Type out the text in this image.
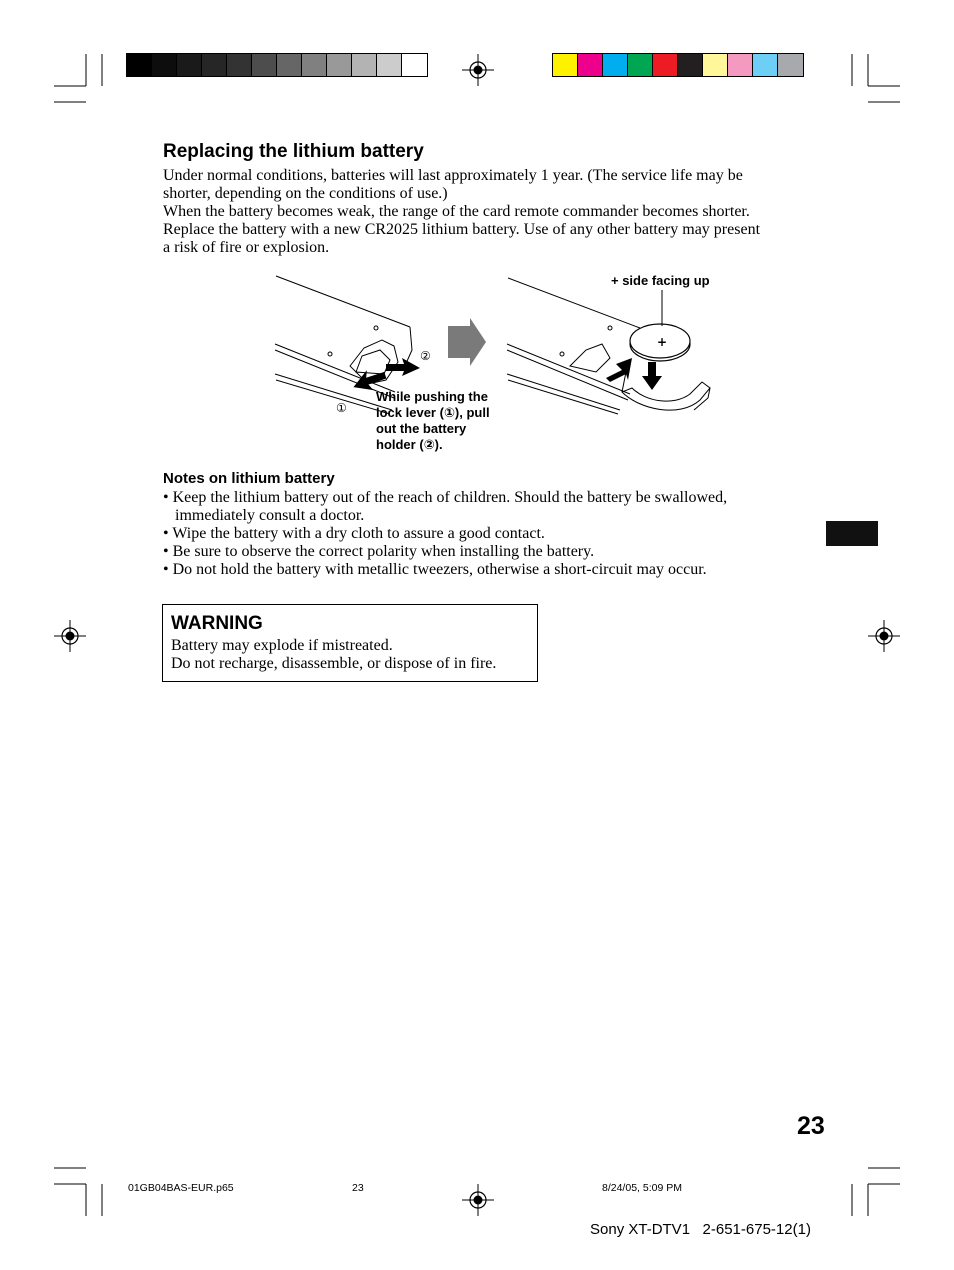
Replacing the lithium battery

Under normal conditions, batteries will last approximately 1 year. (The service life may be shorter, depending on the conditions of use.)

When the battery becomes weak, the range of the card remote commander becomes shorter. Replace the battery with a new CR2025 lithium battery. Use of any other battery may present a risk of fire or explosion.

②
①
+
+ side facing up
While pushing the
lock lever (①), pull
out the battery
holder (②).
Notes on lithium battery
• Keep the lithium battery out of the reach of children. Should the battery be swallowed, immediately consult a doctor.
• Wipe the battery with a dry cloth to assure a good contact.
• Be sure to observe the correct polarity when installing the battery.
• Do not hold the battery with metallic tweezers, otherwise a short-circuit may occur.
WARNING

Battery may explode if mistreated.

Do not recharge, disassemble, or dispose of in fire.

23
01GB04BAS-EUR.p65	23	8/24/05, 5:09 PM
Sony XT-DTV1   2-651-675-12(1)
